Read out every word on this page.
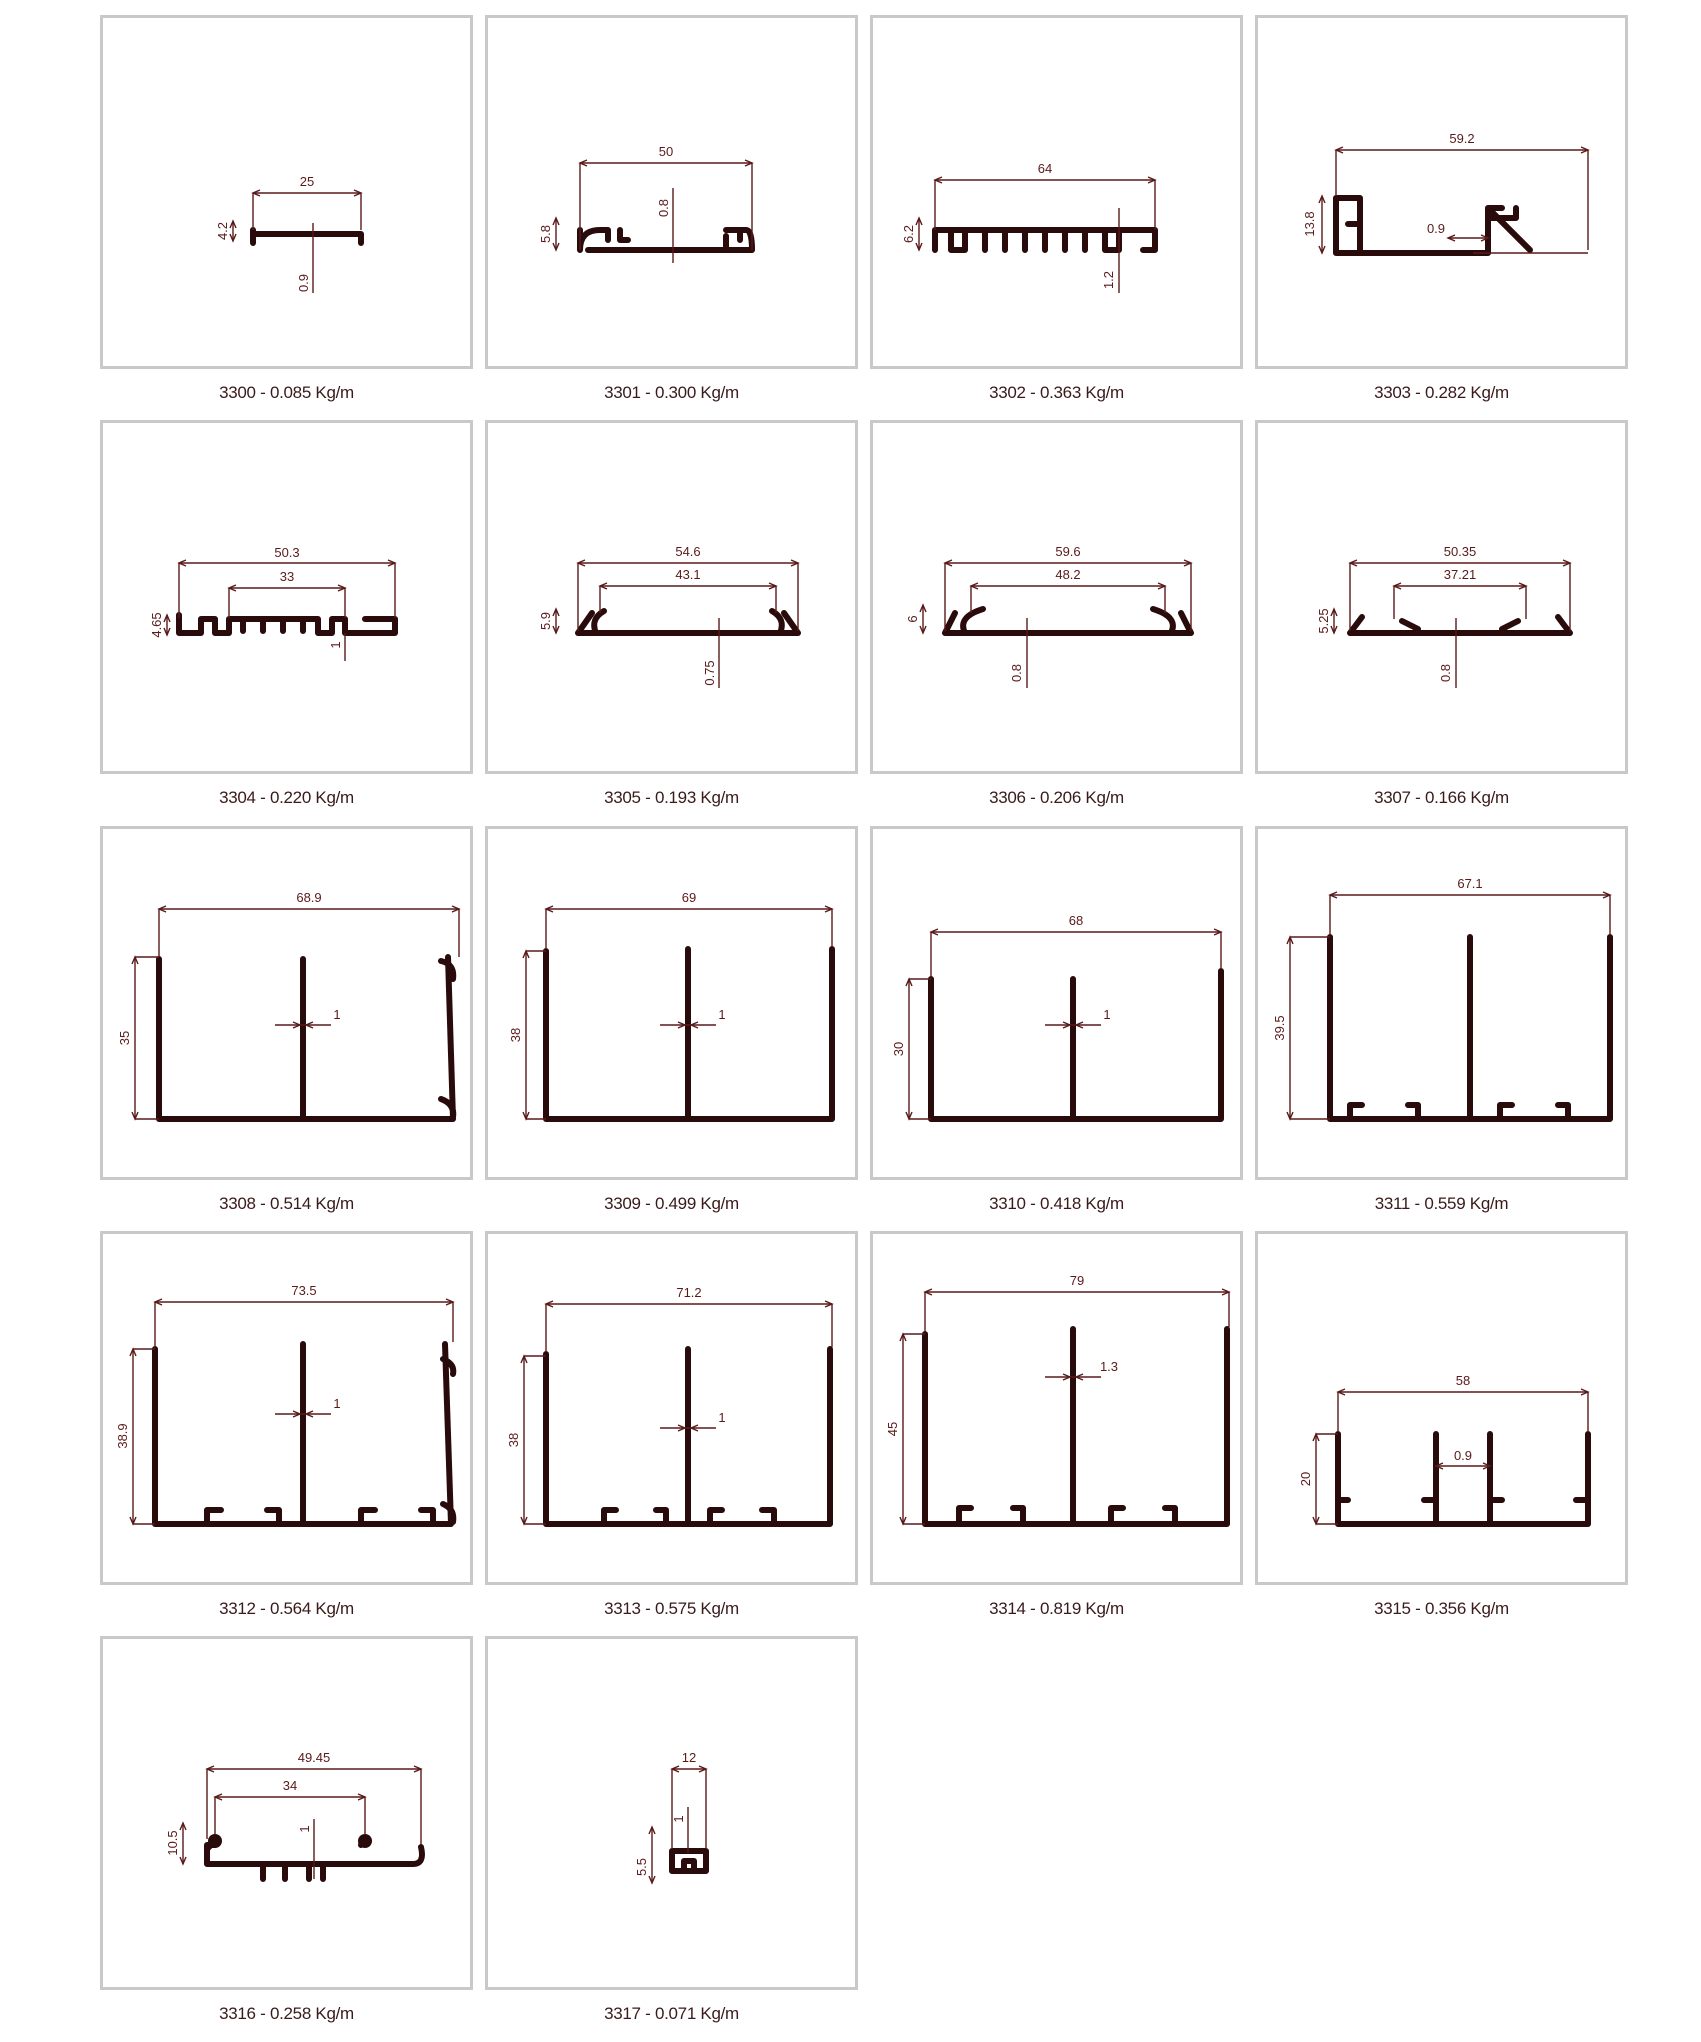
25
4.2
0.9
3300 - 0.085 Kg/m
50
5.8
0.8
3301 - 0.300 Kg/m
64
6.2
1.2
3302 - 0.363 Kg/m
59.2
13.8	0.9
3303 - 0.282 Kg/m
50.3
33
4.65
1
3304 - 0.220 Kg/m
54.6
43.1
5.9
0.75
3305 - 0.193 Kg/m
59.6
48.2
6
0.8
3306 - 0.206 Kg/m
50.35
37.21
5.25
0.8
3307 - 0.166 Kg/m
68.9
35
1
3308 - 0.514 Kg/m
69
38
1
3309 - 0.499 Kg/m
68
30
1
3310 - 0.418 Kg/m
67.1
39.5
3311 - 0.559 Kg/m
73.5
38.9
1
3312 - 0.564 Kg/m
71.2
38
1
3313 - 0.575 Kg/m
79
45
1.3
3314 - 0.819 Kg/m
58
20
0.9
3315 - 0.356 Kg/m
49.45
34
10.5
1
3316 - 0.258 Kg/m
12
5.5
1
3317 - 0.071 Kg/m
